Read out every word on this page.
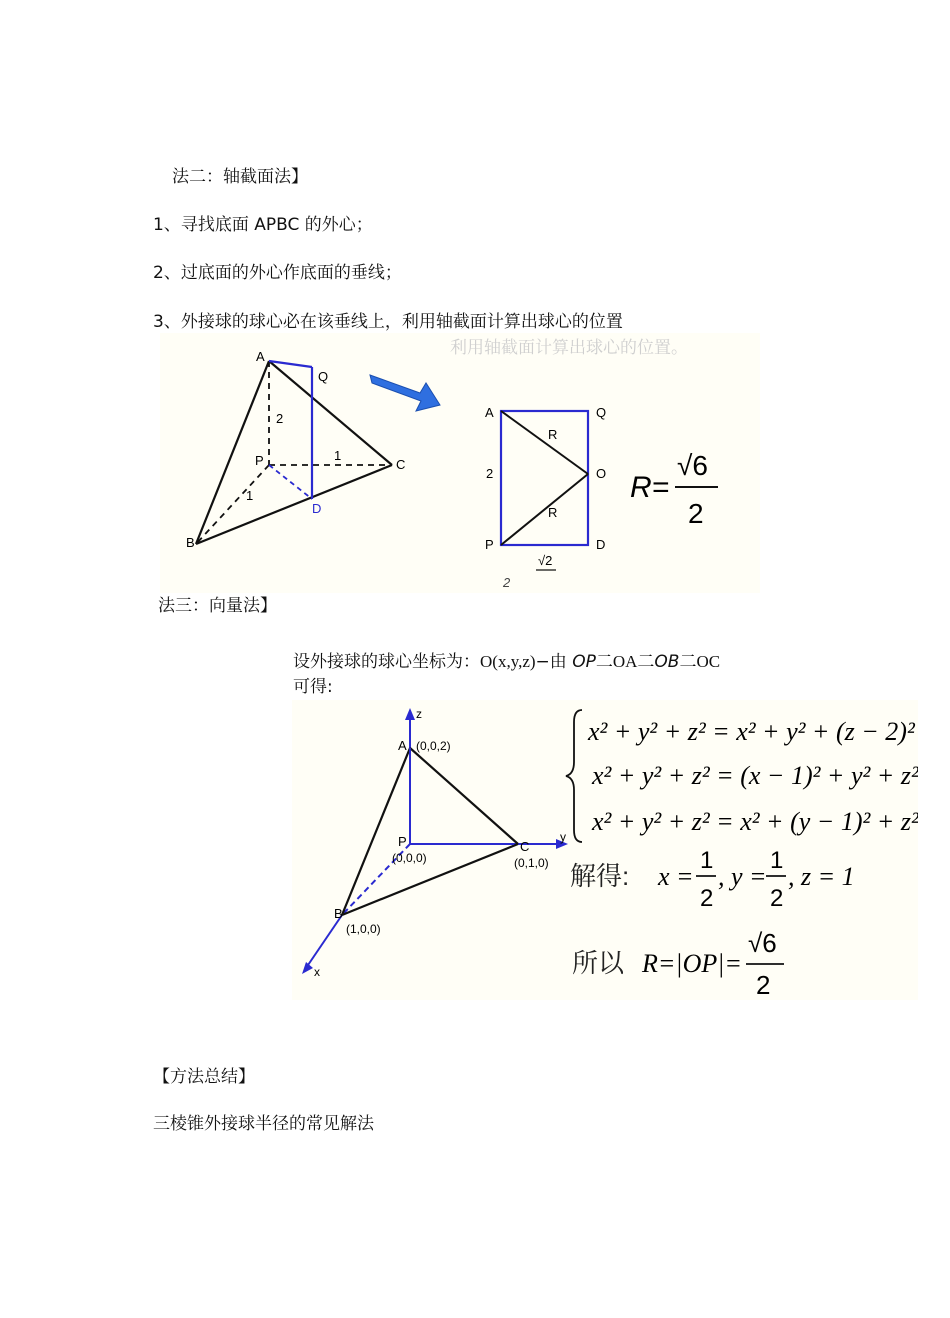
法二：轴截面法】
1、寻找底面 APBC 的外心；
2、过底面的外心作底面的垂线；
3、外接球的球心必在该垂线上，利用轴截面计算出球心的位置
利用轴截面计算出球心的位置。
A
Q
P	C
B
D
2
1
1
A	Q
O
P	D
R
R
2
√2
2
R=
√6
2
法三：向量法】
设外接球的球心坐标为：O(x,y,z)−由 OP二OA二OB二OC
可得:
z
A (0,0,2)
P
(0,0,0)
C
(0,1,0)
y
B
(1,0,0)
x
x² + y² + z² = x² + y² + (z − 2)²
x² + y² + z² = (x − 1)² + y² + z²
x² + y² + z² = x² + (y − 1)² + z²
解得: x =
1
2
, y =
1
2
, z = 1
所以 R=|OP|=
√6
2
【方法总结】
三棱锥外接球半径的常见解法
